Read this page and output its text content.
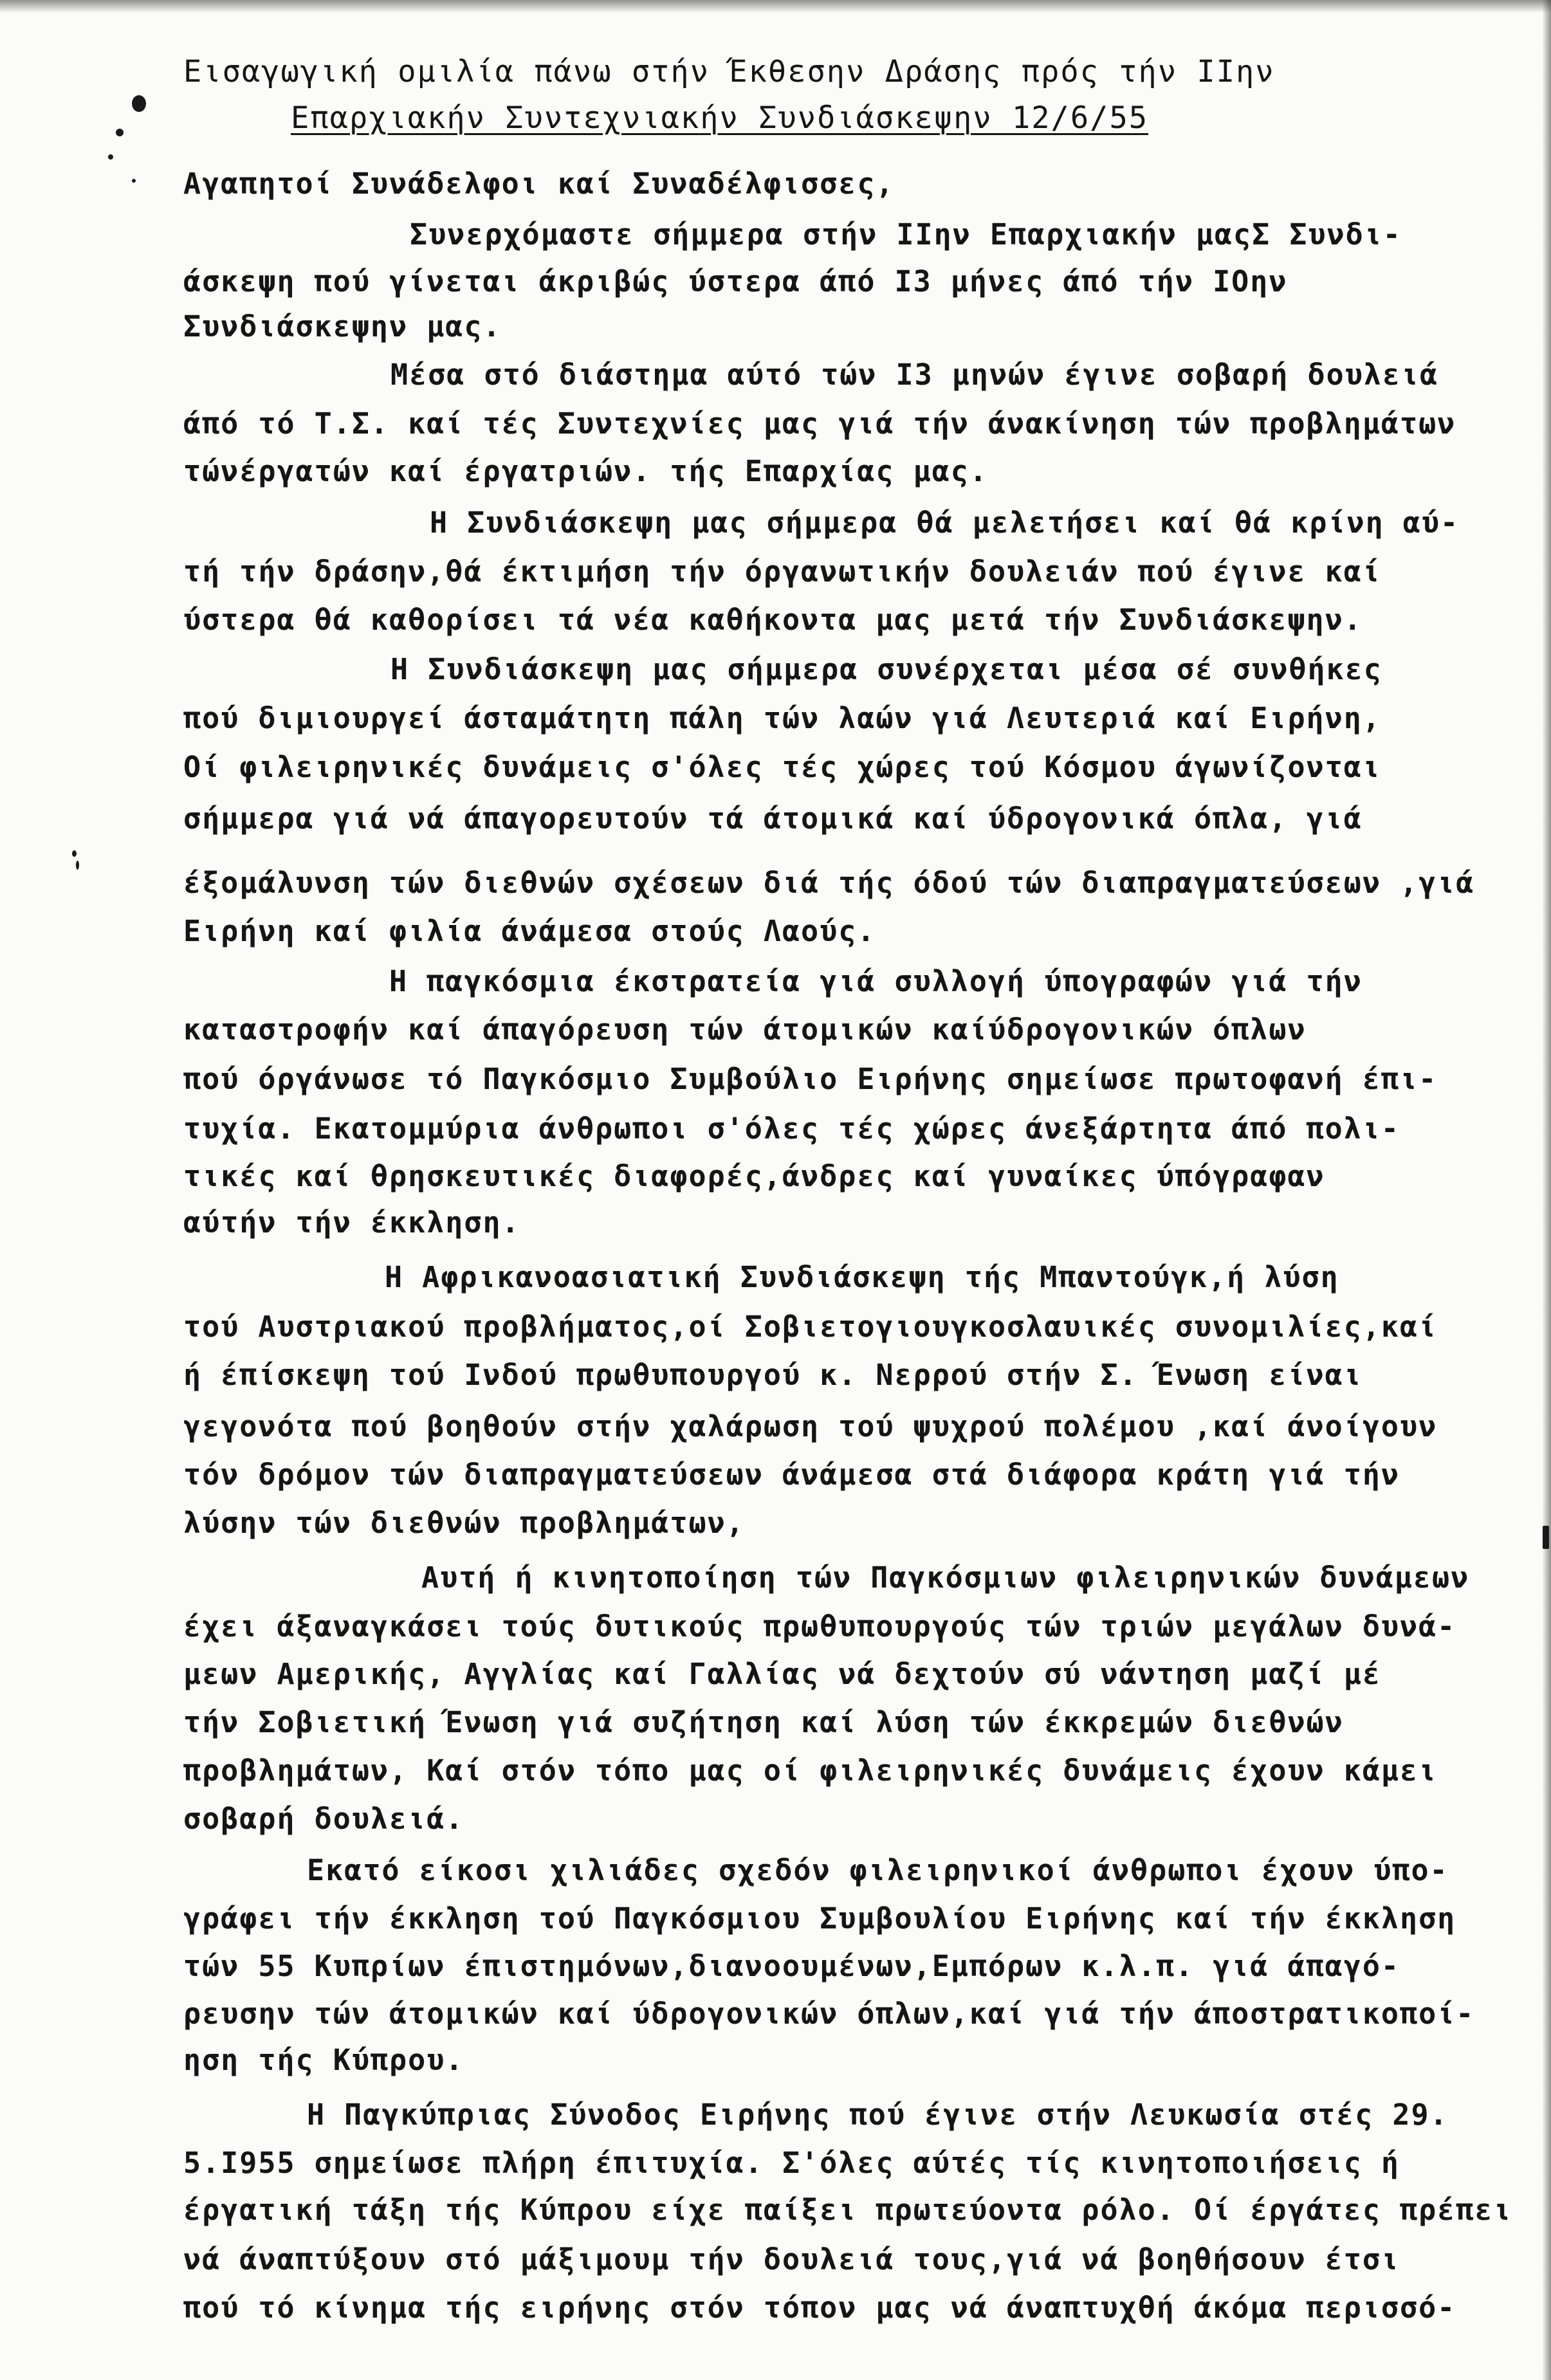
Εισαγωγική ομιλία πάνω στήν Έκθεσην Δράσης πρός τήν ΙΙην
Επαρχιακήν Συντεχνιακήν Συνδιάσκεψην 12/6/55
Αγαπητοί Συνάδελφοι καί Συναδέλφισσες,
Συνερχόμαστε σήμμερα στήν ΙΙην Επαρχιακήν μαςΣ Συνδι-
άσκεψη πού γίνεται άκριβώς ύστερα άπό Ι3 μήνες άπό τήν ΙΟην
Συνδιάσκεψην μας.
Μέσα στό διάστημα αύτό τών Ι3 μηνών έγινε σοβαρή δουλειά
άπό τό Τ.Σ. καί τές Συντεχνίες μας γιά τήν άνακίνηση τών προβλημάτων
τώνέργατών καί έργατριών. τής Επαρχίας μας.
Η Συνδιάσκεψη μας σήμμερα θά μελετήσει καί θά κρίνη αύ-
τή τήν δράσην,θά έκτιμήση τήν όργανωτικήν δουλειάν πού έγινε καί
ύστερα θά καθορίσει τά νέα καθήκοντα μας μετά τήν Συνδιάσκεψην.
Η Συνδιάσκεψη μας σήμμερα συνέρχεται μέσα σέ συνθήκες
πού διμιουργεί άσταμάτητη πάλη τών λαών γιά Λευτεριά καί Ειρήνη,
Οί φιλειρηνικές δυνάμεις σ'όλες τές χώρες τού Κόσμου άγωνίζονται
σήμμερα γιά νά άπαγορευτούν τά άτομικά καί ύδρογονικά όπλα, γιά
έξομάλυνση τών διεθνών σχέσεων διά τής όδού τών διαπραγματεύσεων ,γιά
Ειρήνη καί φιλία άνάμεσα στούς Λαούς.
Η παγκόσμια έκστρατεία γιά συλλογή ύπογραφών γιά τήν
καταστροφήν καί άπαγόρευση τών άτομικών καίύδρογονικών όπλων
πού όργάνωσε τό Παγκόσμιο Συμβούλιο Ειρήνης σημείωσε πρωτοφανή έπι-
τυχία. Εκατομμύρια άνθρωποι σ'όλες τές χώρες άνεξάρτητα άπό πολι-
τικές καί θρησκευτικές διαφορές,άνδρες καί γυναίκες ύπόγραφαν
αύτήν τήν έκκληση.
Η Αφρικανοασιατική Συνδιάσκεψη τής Μπαντούγκ,ή λύση
τού Αυστριακού προβλήματος,οί Σοβιετογιουγκοσλαυικές συνομιλίες,καί
ή έπίσκεψη τού Ινδού πρωθυπουργού κ. Νερρού στήν Σ. Ένωση είναι
γεγονότα πού βοηθούν στήν χαλάρωση τού ψυχρού πολέμου ,καί άνοίγουν
τόν δρόμον τών διαπραγματεύσεων άνάμεσα στά διάφορα κράτη γιά τήν
λύσην τών διεθνών προβλημάτων,
Αυτή ή κινητοποίηση τών Παγκόσμιων φιλειρηνικών δυνάμεων
έχει άξαναγκάσει τούς δυτικούς πρωθυπουργούς τών τριών μεγάλων δυνά-
μεων Αμερικής, Αγγλίας καί Γαλλίας νά δεχτούν σύ νάντηση μαζί μέ
τήν Σοβιετική Ένωση γιά συζήτηση καί λύση τών έκκρεμών διεθνών
προβλημάτων, Καί στόν τόπο μας οί φιλειρηνικές δυνάμεις έχουν κάμει
σοβαρή δουλειά.
Εκατό είκοσι χιλιάδες σχεδόν φιλειρηνικοί άνθρωποι έχουν ύπο-
γράφει τήν έκκληση τού Παγκόσμιου Συμβουλίου Ειρήνης καί τήν έκκληση
τών 55 Κυπρίων έπιστημόνων,διανοουμένων,Εμπόρων κ.λ.π. γιά άπαγό-
ρευσην τών άτομικών καί ύδρογονικών όπλων,καί γιά τήν άποστρατικοποί-
ηση τής Κύπρου.
Η Παγκύπριας Σύνοδος Ειρήνης πού έγινε στήν Λευκωσία στές 29.
5.Ι955 σημείωσε πλήρη έπιτυχία. Σ'όλες αύτές τίς κινητοποιήσεις ή
έργατική τάξη τής Κύπρου είχε παίξει πρωτεύοντα ρόλο. Οί έργάτες πρέπει
νά άναπτύξουν στό μάξιμουμ τήν δουλειά τους,γιά νά βοηθήσουν έτσι
πού τό κίνημα τής ειρήνης στόν τόπον μας νά άναπτυχθή άκόμα περισσό-
